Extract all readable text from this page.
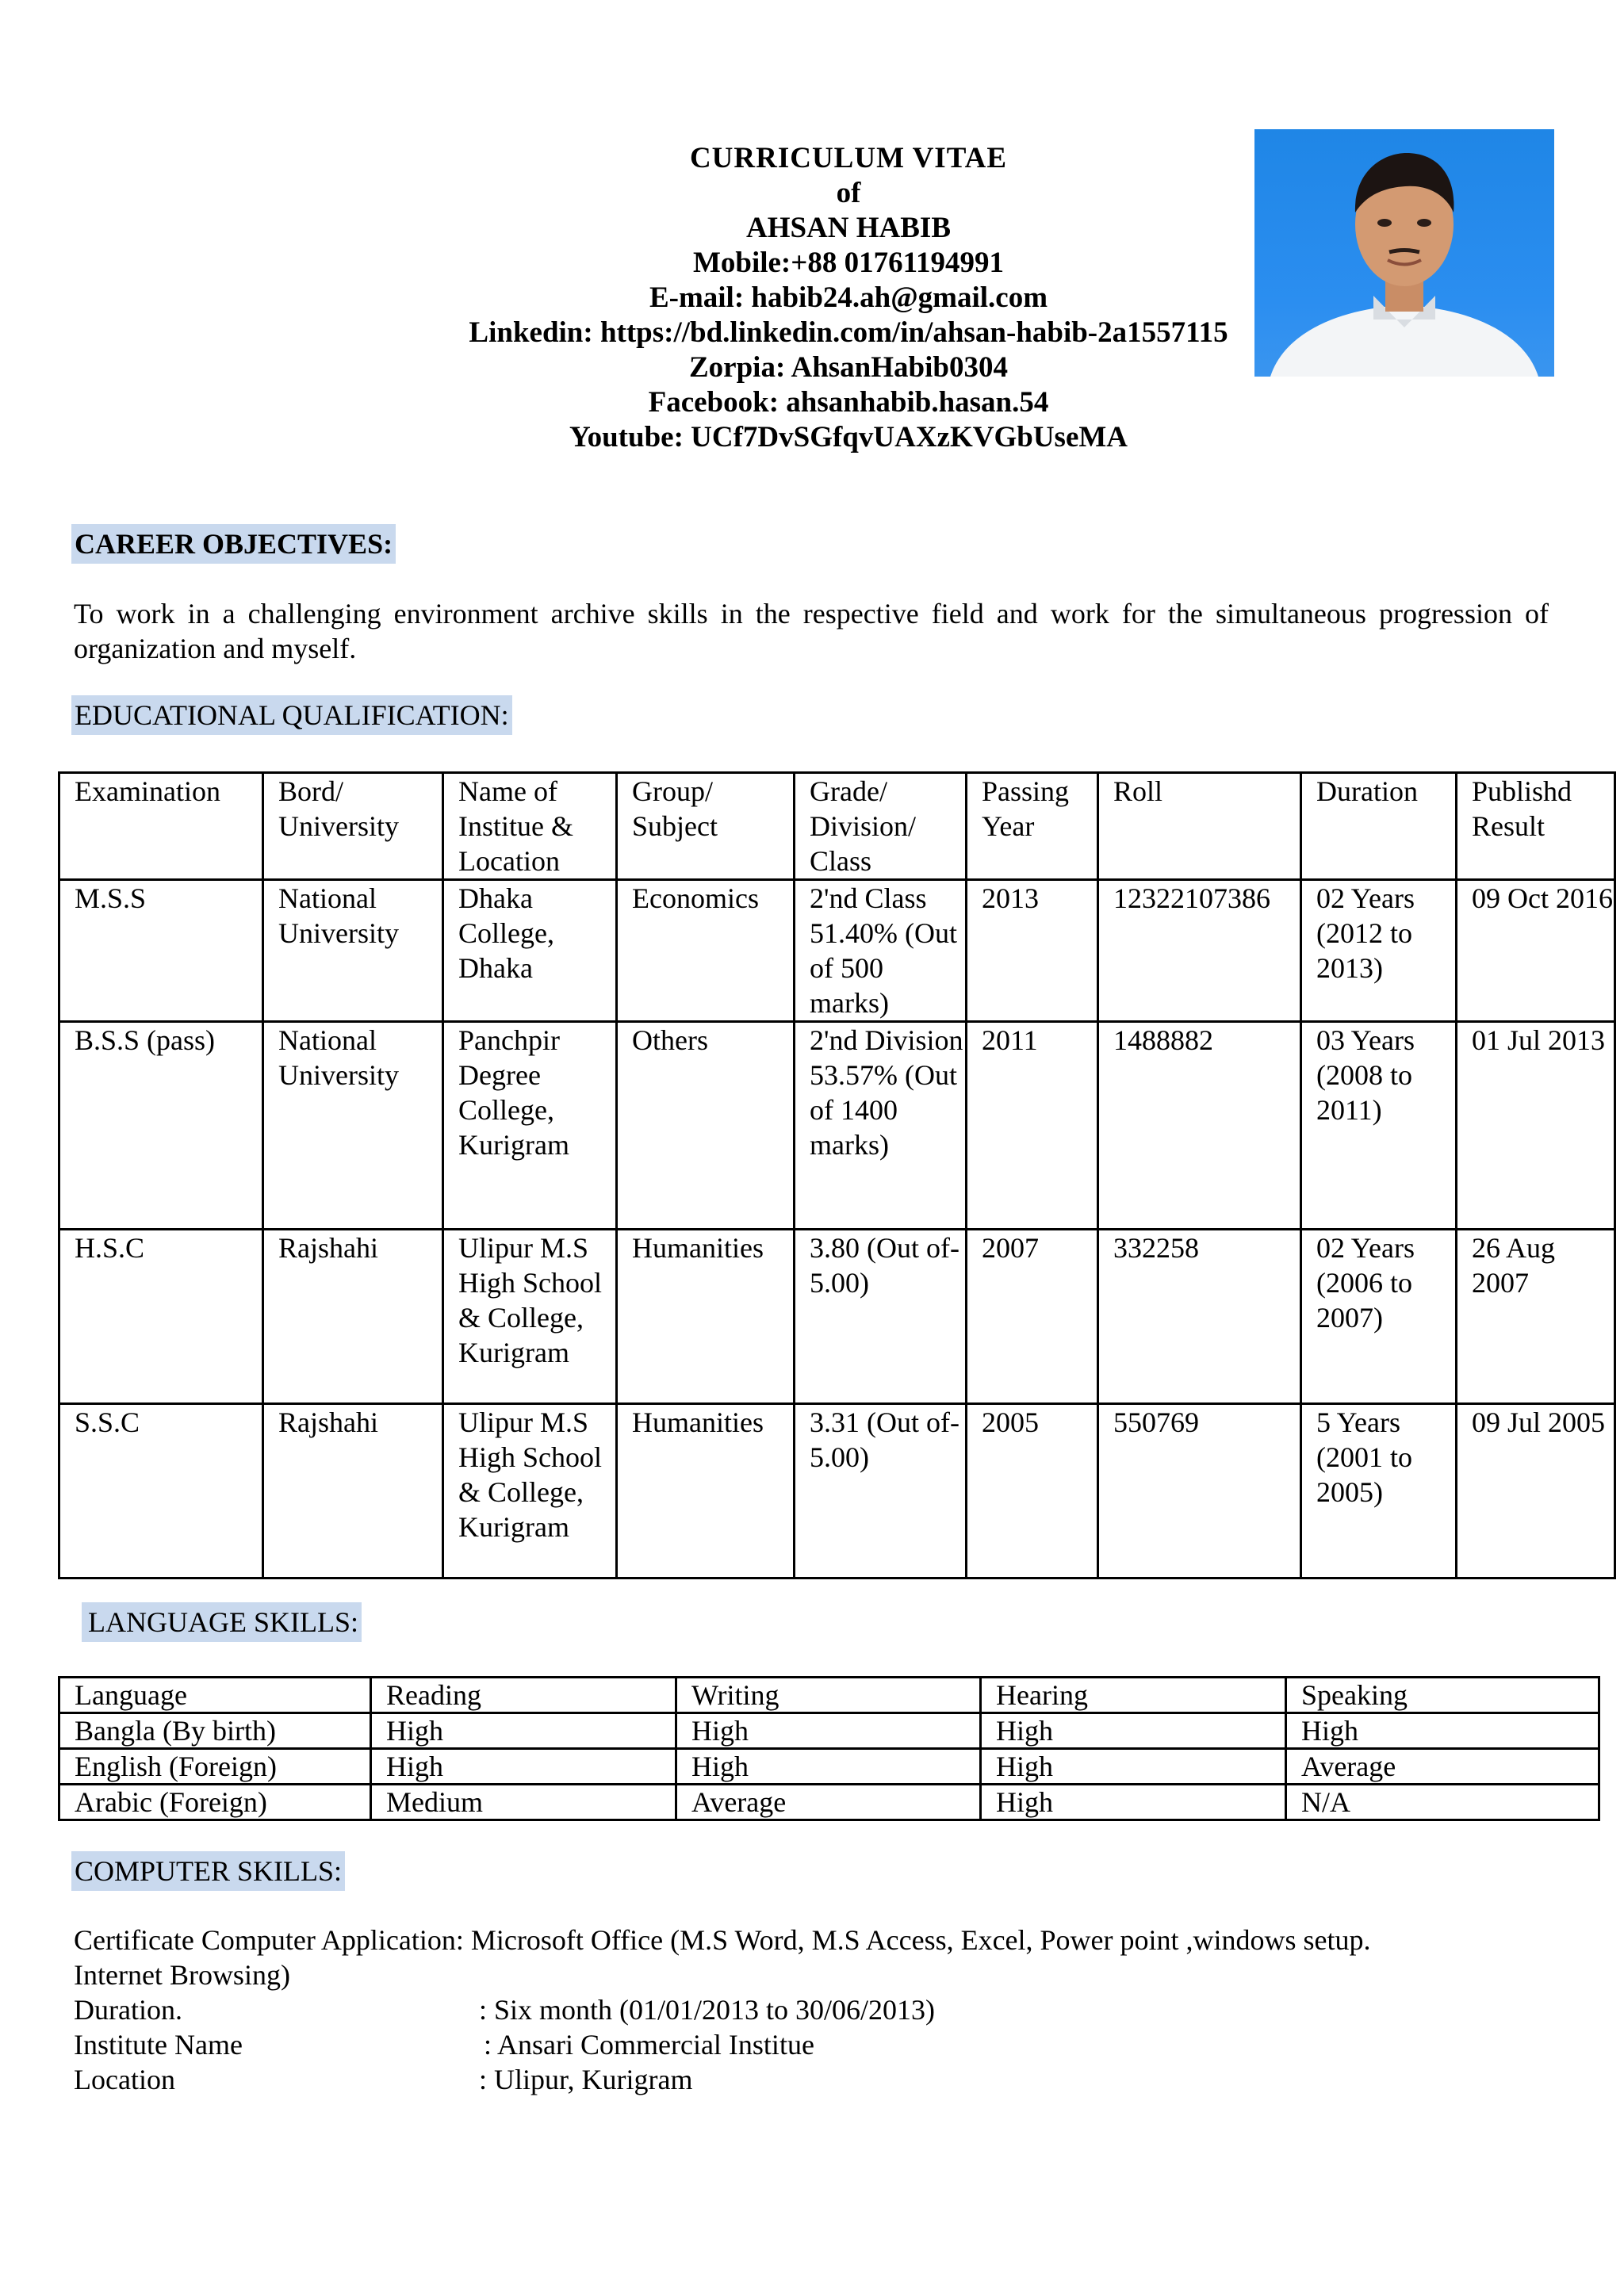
CURRICULUM VITAE
of
AHSAN HABIB
Mobile:+88 01761194991
E-mail: habib24.ah@gmail.com
Linkedin: https://bd.linkedin.com/in/ahsan-habib-2a1557115
Zorpia: AhsanHabib0304
Facebook: ahsanhabib.hasan.54
Youtube: UCf7DvSGfqvUAXzKVGbUseMA
CAREER OBJECTIVES:
To work in a challenging environment archive skills in the respective field and work for the simultaneous progression of organization and myself.
EDUCATIONAL QUALIFICATION:
Examination	Bord/ University	Name of Institue & Location	Group/ Subject	Grade/ Division/ Class	Passing Year	Roll	Duration	Publishd Result
M.S.S	National University	Dhaka College, Dhaka	Economics	2'nd Class 51.40% (Out of 500 marks)	2013	12322107386	02 Years (2012 to 2013)	09 Oct 2016
B.S.S (pass)	National University	Panchpir Degree College, Kurigram	Others	2'nd Division 53.57% (Out of 1400 marks)	2011	1488882	03 Years (2008 to 2011)	01 Jul 2013
H.S.C	Rajshahi	Ulipur M.S High School & College, Kurigram	Humanities	3.80 (Out of-5.00)	2007	332258	02 Years (2006 to 2007)	26 Aug 2007
S.S.C	Rajshahi	Ulipur M.S High School & College, Kurigram	Humanities	3.31 (Out of-5.00)	2005	550769	5 Years (2001 to 2005)	09 Jul 2005
LANGUAGE SKILLS:
Language	Reading	Writing	Hearing	Speaking
Bangla (By birth)	High	High	High	High
English (Foreign)	High	High	High	Average
Arabic (Foreign)	Medium	Average	High	N/A
COMPUTER SKILLS:
Certificate Computer Application: Microsoft Office (M.S Word, M.S Access, Excel, Power point ,windows setup.
Internet Browsing)
Duration.	: Six month (01/01/2013 to 30/06/2013)
Institute Name	: Ansari Commercial Institue
Location	: Ulipur, Kurigram
